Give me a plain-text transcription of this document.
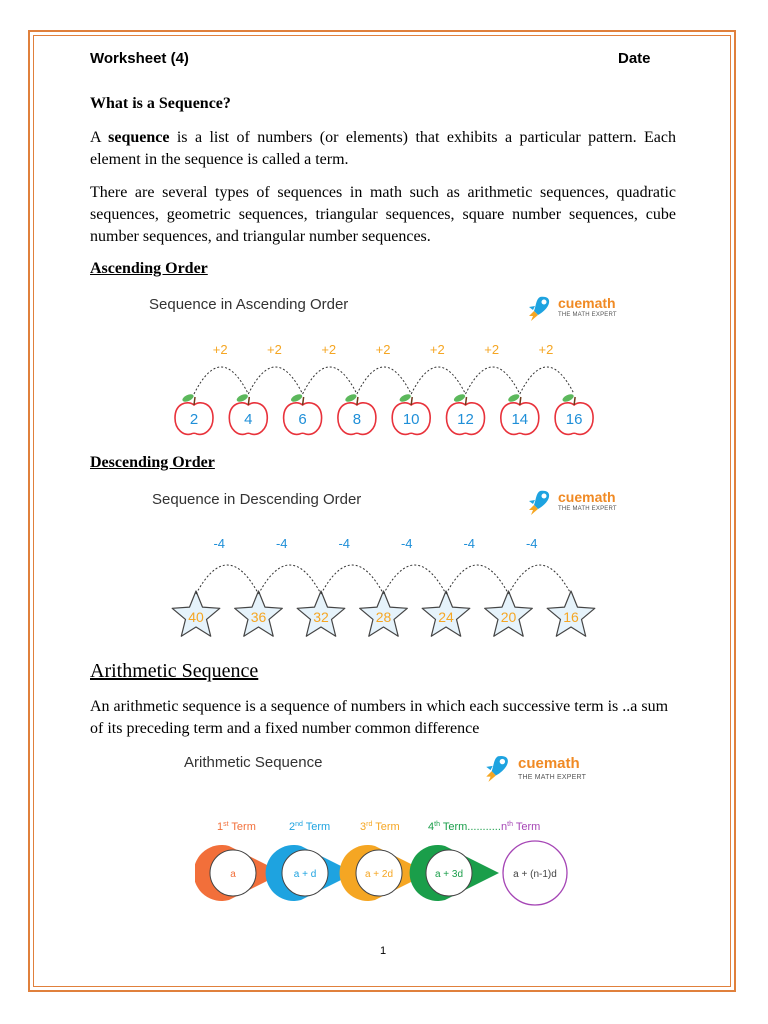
Worksheet (4)	Date
What is a Sequence?
A sequence is a list of numbers (or elements) that exhibits a particular pattern. Each element in the sequence is called a term.
There are several types of sequences in math such as arithmetic sequences, quadratic sequences, geometric sequences, triangular sequences, square number sequences, cube number sequences, and triangular number sequences.
Ascending Order
Sequence in Ascending Order	cuemath
THE MATH EXPERT
2
+2
4
+2
6
+2
8
+2
10
+2
12
+2
14
+2
16
Descending Order
Sequence in Descending Order	cuemath
THE MATH EXPERT
40
-4
36
-4
32
-4
28
-4
24
-4
20
-4
16
Arithmetic Sequence
An arithmetic sequence is a sequence of numbers in which each successive term is ..a sum of its preceding term and a fixed number common difference
Arithmetic Sequence	cuemath
THE MATH EXPERT
1st Term	2nd Term	3rd Term	4th Term........... $n^{th}$ Term
a	a + d	a + 2d	a + 3d	a + (n-1)d
1
